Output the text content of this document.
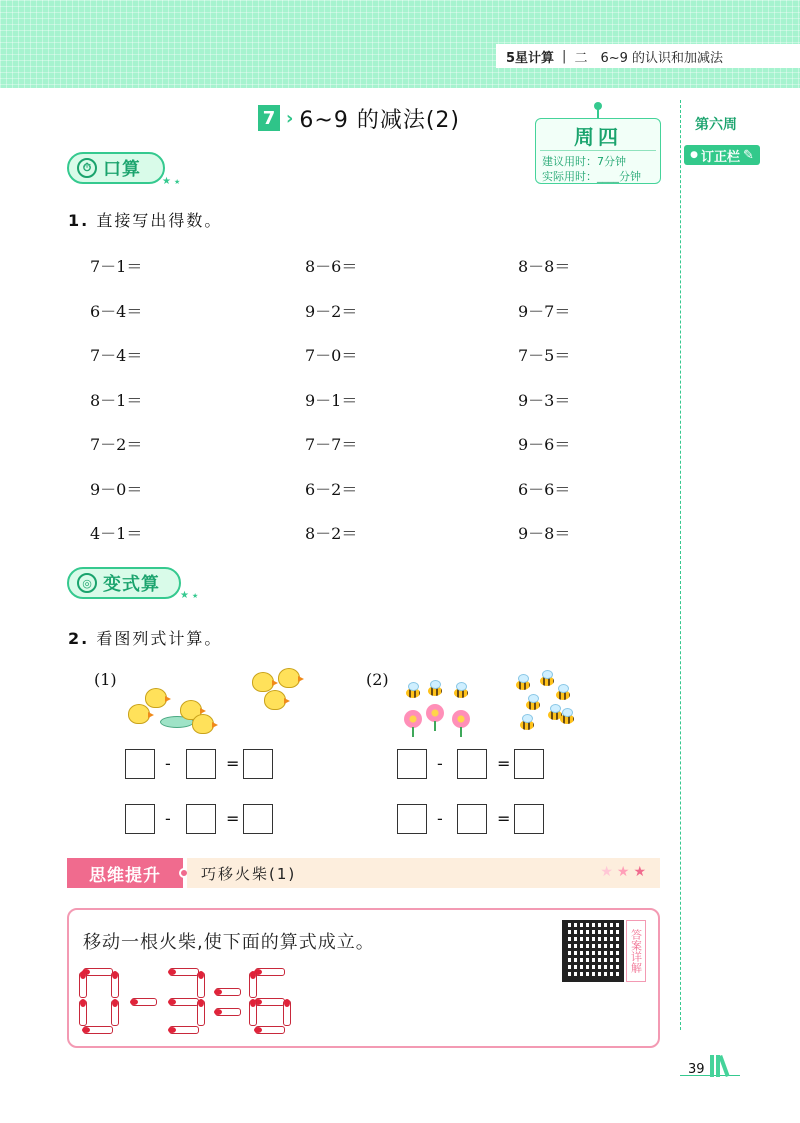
5星计算 | 二　6~9 的认识和加减法
第六周
● 订正栏 ✎
7 › 6~9 的减法(2)
周四
建议用时：7分钟
实际用时：____分钟
⏱ 口算
★ ★
1. 直接写出得数。
7－1＝	8－6＝	8－8＝
6－4＝	9－2＝	9－7＝
7－4＝	7－0＝	7－5＝
8－1＝	9－1＝	9－3＝
7－2＝	7－7＝	9－6＝
9－0＝	6－2＝	6－6＝
4－1＝	8－2＝	9－8＝
◎ 变式算
★ ★
2. 看图列式计算。
(1)	(2)
-	=
-	=
-	=
-	=
思维提升	巧移火柴(1)	★★★
移动一根火柴,使下面的算式成立。	答案详解
39
